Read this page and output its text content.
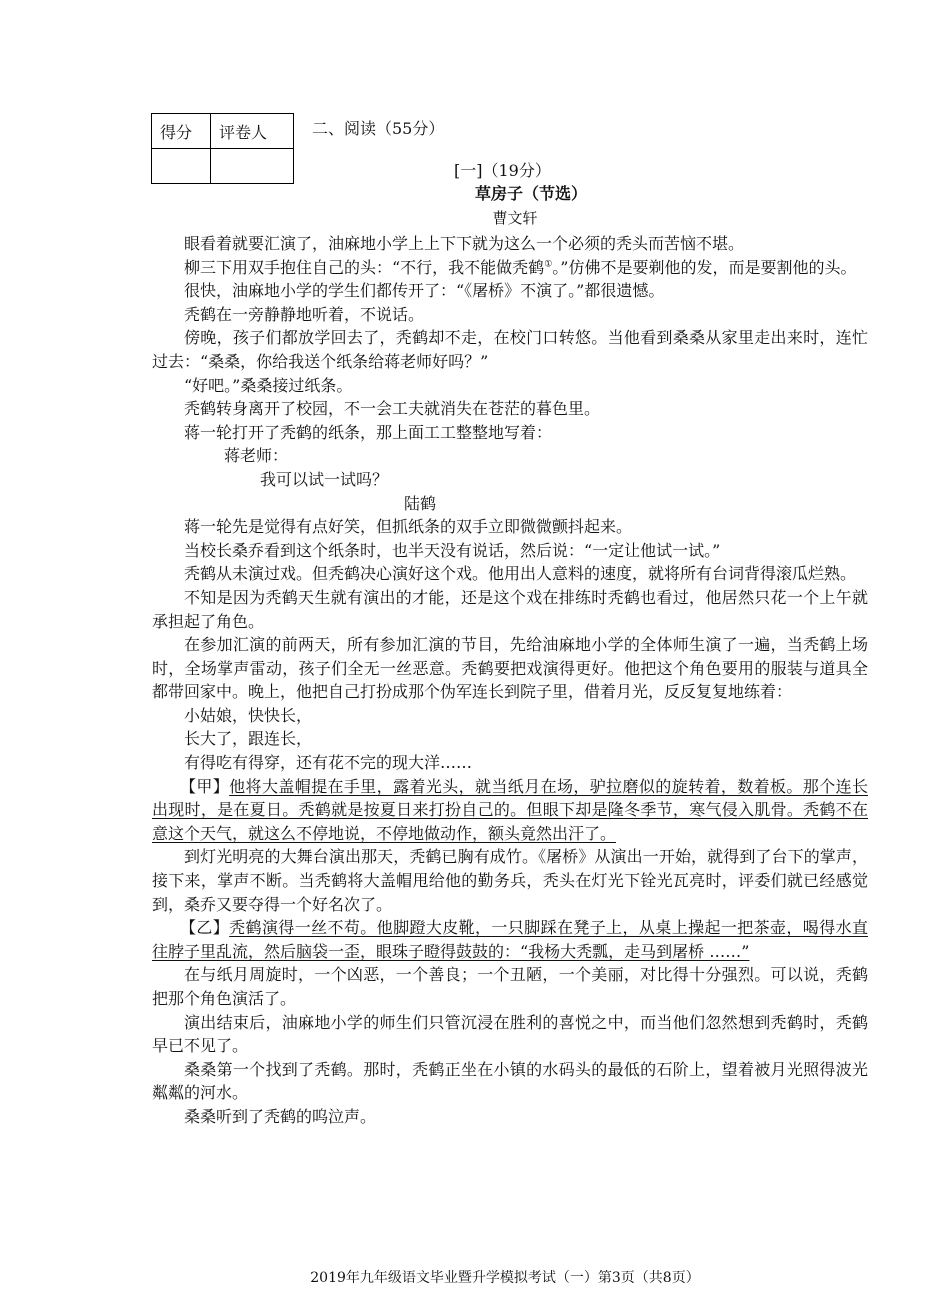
得分	评卷人
		二、阅读（55分）
[一]（19分）
草房子（节选）
曹文轩

眼看着就要汇演了，油麻地小学上上下下就为这么一个必须的秃头而苦恼不堪。

柳三下用双手抱住自己的头：“不行，我不能做秃鹤①。”仿佛不是要剃他的发，而是要割他的头。

很快，油麻地小学的学生们都传开了：“《屠桥》不演了。”都很遗憾。

秃鹤在一旁静静地听着，不说话。

傍晚，孩子们都放学回去了，秃鹤却不走，在校门口转悠。当他看到桑桑从家里走出来时，连忙过去：“桑桑，你给我送个纸条给蒋老师好吗？”

“好吧。”桑桑接过纸条。

秃鹤转身离开了校园，不一会工夫就消失在苍茫的暮色里。

蒋一轮打开了秃鹤的纸条，那上面工工整整地写着：

蒋老师：

我可以试一试吗？

陆鹤

蒋一轮先是觉得有点好笑，但抓纸条的双手立即微微颤抖起来。

当校长桑乔看到这个纸条时，也半天没有说话，然后说：“一定让他试一试。”

秃鹤从未演过戏。但秃鹤决心演好这个戏。他用出人意料的速度，就将所有台词背得滚瓜烂熟。

不知是因为秃鹤天生就有演出的才能，还是这个戏在排练时秃鹤也看过，他居然只花一个上午就承担起了角色。

在参加汇演的前两天，所有参加汇演的节目，先给油麻地小学的全体师生演了一遍，当秃鹤上场时，全场掌声雷动，孩子们全无一丝恶意。秃鹤要把戏演得更好。他把这个角色要用的服装与道具全都带回家中。晚上，他把自己打扮成那个伪军连长到院子里，借着月光，反反复复地练着：

小姑娘，快快长，

长大了，跟连长，

有得吃有得穿，还有花不完的现大洋……

【甲】他将大盖帽提在手里，露着光头，就当纸月在场，驴拉磨似的旋转着，数着板。那个连长出现时，是在夏日。秃鹤就是按夏日来打扮自己的。但眼下却是隆冬季节，寒气侵入肌骨。秃鹤不在意这个天气，就这么不停地说，不停地做动作，额头竟然出汗了。

到灯光明亮的大舞台演出那天，秃鹤已胸有成竹。《屠桥》从演出一开始，就得到了台下的掌声，接下来，掌声不断。当秃鹤将大盖帽甩给他的勤务兵，秃头在灯光下铨光瓦亮时，评委们就已经感觉到，桑乔又要夺得一个好名次了。

【乙】秃鹤演得一丝不苟。他脚蹬大皮靴，一只脚踩在凳子上，从桌上操起一把茶壶，喝得水直往脖子里乱流，然后脑袋一歪，眼珠子瞪得鼓鼓的：“我杨大秃瓢，走马到屠桥 ……”

在与纸月周旋时，一个凶恶，一个善良；一个丑陋，一个美丽，对比得十分强烈。可以说，秃鹤把那个角色演活了。

演出结束后，油麻地小学的师生们只管沉浸在胜利的喜悦之中，而当他们忽然想到秃鹤时，秃鹤早已不见了。

桑桑第一个找到了秃鹤。那时，秃鹤正坐在小镇的水码头的最低的石阶上，望着被月光照得波光粼粼的河水。

桑桑听到了秃鹤的呜泣声。

2019年九年级语文毕业暨升学模拟考试（一）第3页（共8页）
